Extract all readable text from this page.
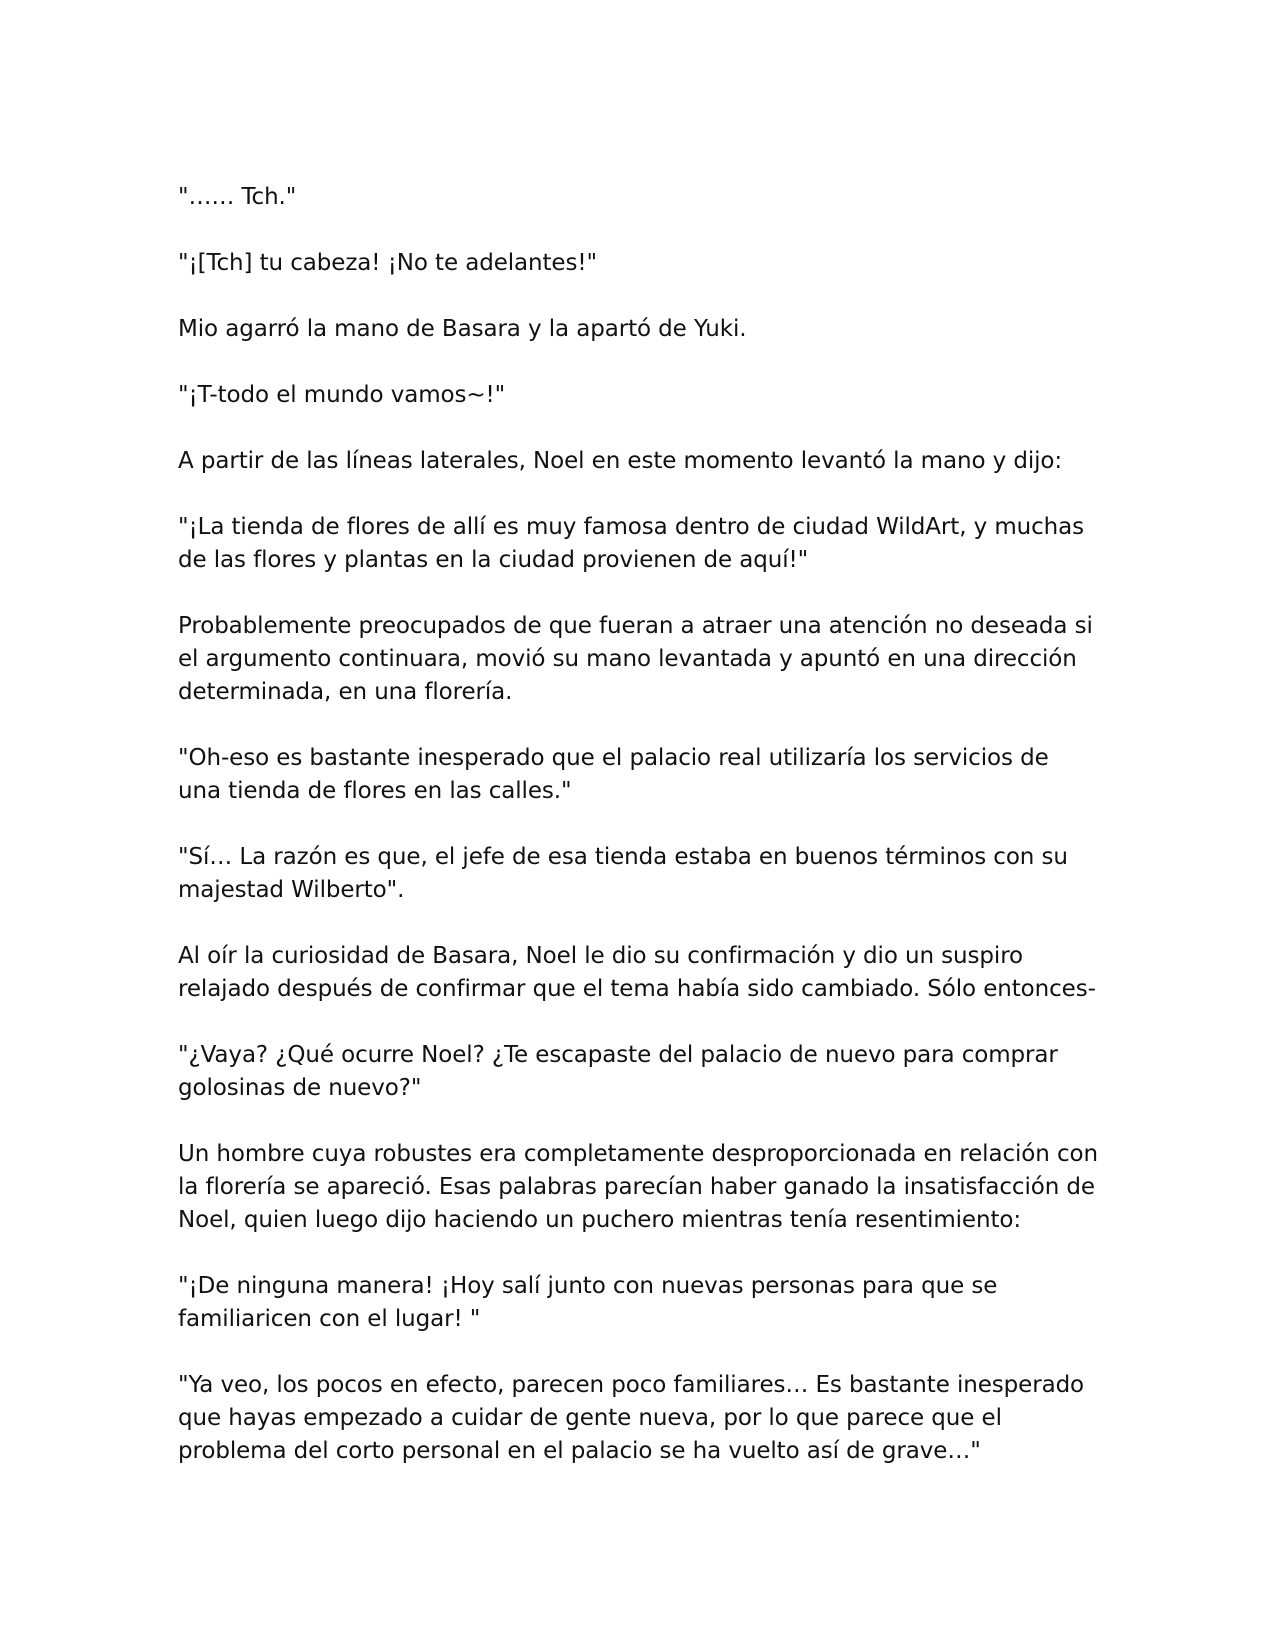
"…… Tch."

"¡[Tch] tu cabeza! ¡No te adelantes!"

Mio agarró la mano de Basara y la apartó de Yuki.

"¡T-todo el mundo vamos~!"

A partir de las líneas laterales, Noel en este momento levantó la mano y dijo:

"¡La tienda de flores de allí es muy famosa dentro de ciudad WildArt, y muchas de las flores y plantas en la ciudad provienen de aquí!"

Probablemente preocupados de que fueran a atraer una atención no deseada si el argumento continuara, movió su mano levantada y apuntó en una dirección determinada, en una florería.

"Oh-eso es bastante inesperado que el palacio real utilizaría los servicios de una tienda de flores en las calles."

"Sí… La razón es que, el jefe de esa tienda estaba en buenos términos con su majestad Wilberto".

Al oír la curiosidad de Basara, Noel le dio su confirmación y dio un suspiro relajado después de confirmar que el tema había sido cambiado. Sólo entonces-

"¿Vaya? ¿Qué ocurre Noel? ¿Te escapaste del palacio de nuevo para comprar golosinas de nuevo?"

Un hombre cuya robustes era completamente desproporcionada en relación con la florería se apareció. Esas palabras parecían haber ganado la insatisfacción de Noel, quien luego dijo haciendo un puchero mientras tenía resentimiento:

"¡De ninguna manera! ¡Hoy salí junto con nuevas personas para que se familiaricen con el lugar! "

"Ya veo, los pocos en efecto, parecen poco familiares… Es bastante inesperado que hayas empezado a cuidar de gente nueva, por lo que parece que el problema del corto personal en el palacio se ha vuelto así de grave…"
